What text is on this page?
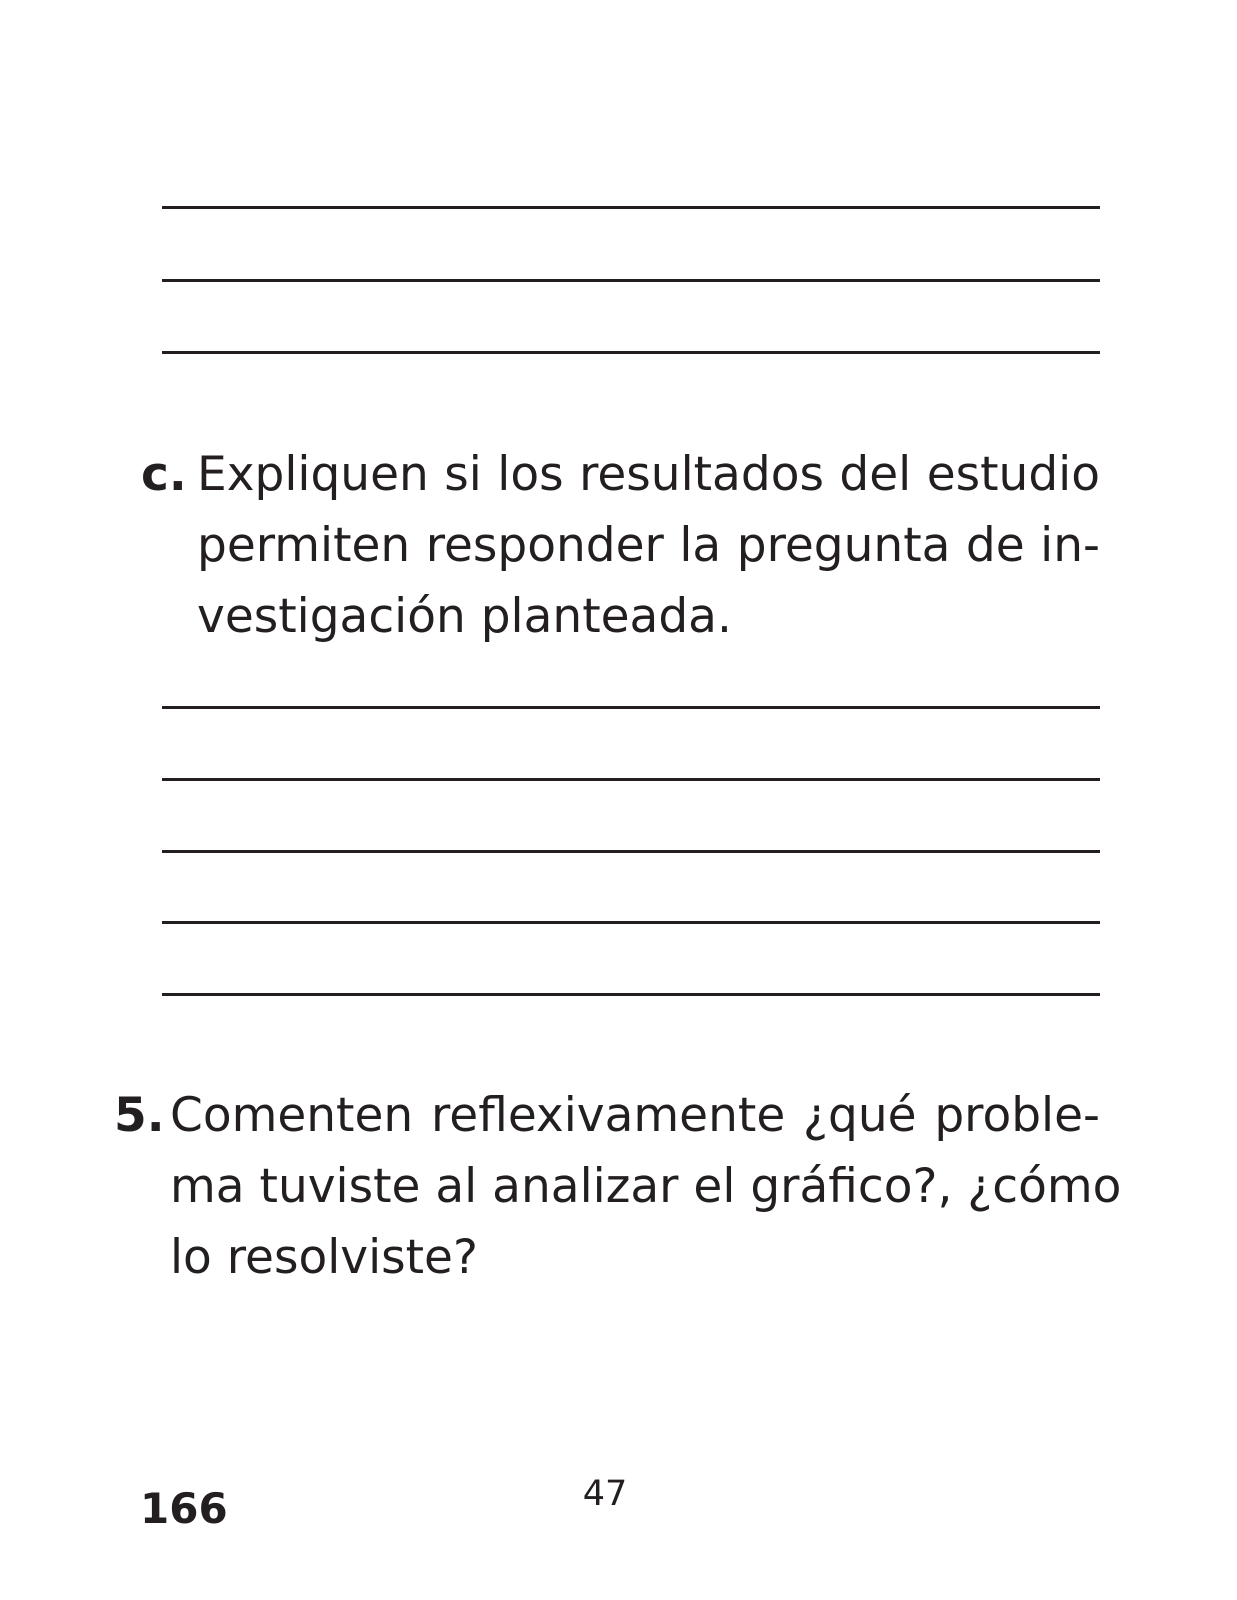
c. Expliquen si los resultados del estudio
permiten responder la pregunta de in-
vestigación planteada.
5. Comenten reflexivamente ¿qué proble-
ma tuviste al analizar el gráfico?, ¿cómo
lo resolviste?
166	47
